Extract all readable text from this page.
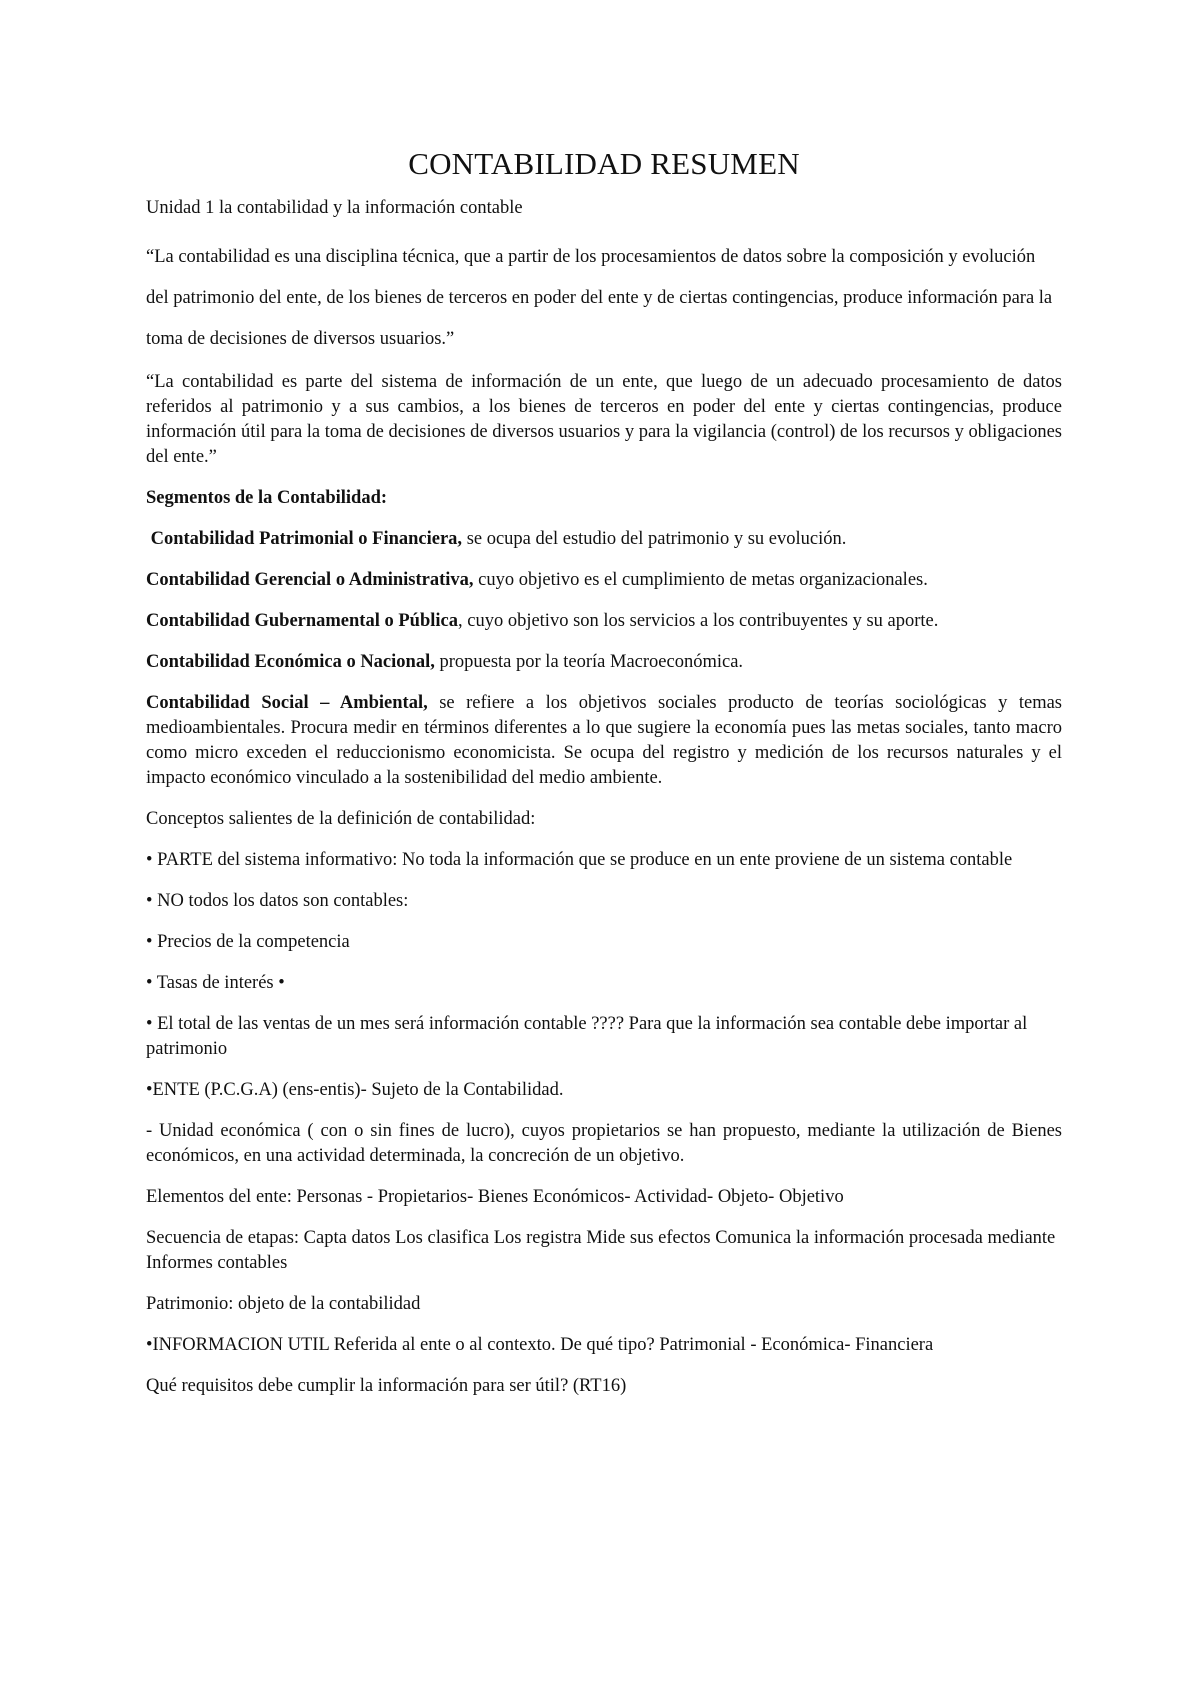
CONTABILIDAD RESUMEN

Unidad 1 la contabilidad y la información contable

“La contabilidad es una disciplina técnica, que a partir de los procesamientos de datos sobre la composición y evolución del patrimonio del ente, de los bienes de terceros en poder del ente y de ciertas contingencias, produce información para la toma de decisiones de diversos usuarios.”

“La contabilidad es parte del sistema de información de un ente, que luego de un adecuado procesamiento de datos referidos al patrimonio y a sus cambios, a los bienes de terceros en poder del ente y ciertas contingencias, produce información útil para la toma de decisiones de diversos usuarios y para la vigilancia (control) de los recursos y obligaciones del ente.”

Segmentos de la Contabilidad:

Contabilidad Patrimonial o Financiera, se ocupa del estudio del patrimonio y su evolución.

Contabilidad Gerencial o Administrativa, cuyo objetivo es el cumplimiento de metas organizacionales.

Contabilidad Gubernamental o Pública, cuyo objetivo son los servicios a los contribuyentes y su aporte.

Contabilidad Económica o Nacional, propuesta por la teoría Macroeconómica.

Contabilidad Social – Ambiental, se refiere a los objetivos sociales producto de teorías sociológicas y temas medioambientales. Procura medir en términos diferentes a lo que sugiere la economía pues las metas sociales, tanto macro como micro exceden el reduccionismo economicista. Se ocupa del registro y medición de los recursos naturales y el impacto económico vinculado a la sostenibilidad del medio ambiente.

Conceptos salientes de la definición de contabilidad:

• PARTE del sistema informativo: No toda la información que se produce en un ente proviene de un sistema contable

• NO todos los datos son contables:

• Precios de la competencia

• Tasas de interés •

• El total de las ventas de un mes será información contable ???? Para que la información sea contable debe importar al patrimonio

•ENTE (P.C.G.A) (ens-entis)- Sujeto de la Contabilidad.

- Unidad económica ( con o sin fines de lucro), cuyos propietarios se han propuesto, mediante la utilización de Bienes económicos, en una actividad determinada, la concreción de un objetivo.

Elementos del ente: Personas - Propietarios- Bienes Económicos- Actividad- Objeto- Objetivo

Secuencia de etapas: Capta datos Los clasifica Los registra Mide sus efectos Comunica la información procesada mediante Informes contables

Patrimonio: objeto de la contabilidad

•INFORMACION UTIL Referida al ente o al contexto. De qué tipo? Patrimonial - Económica- Financiera

Qué requisitos debe cumplir la información para ser útil? (RT16)
